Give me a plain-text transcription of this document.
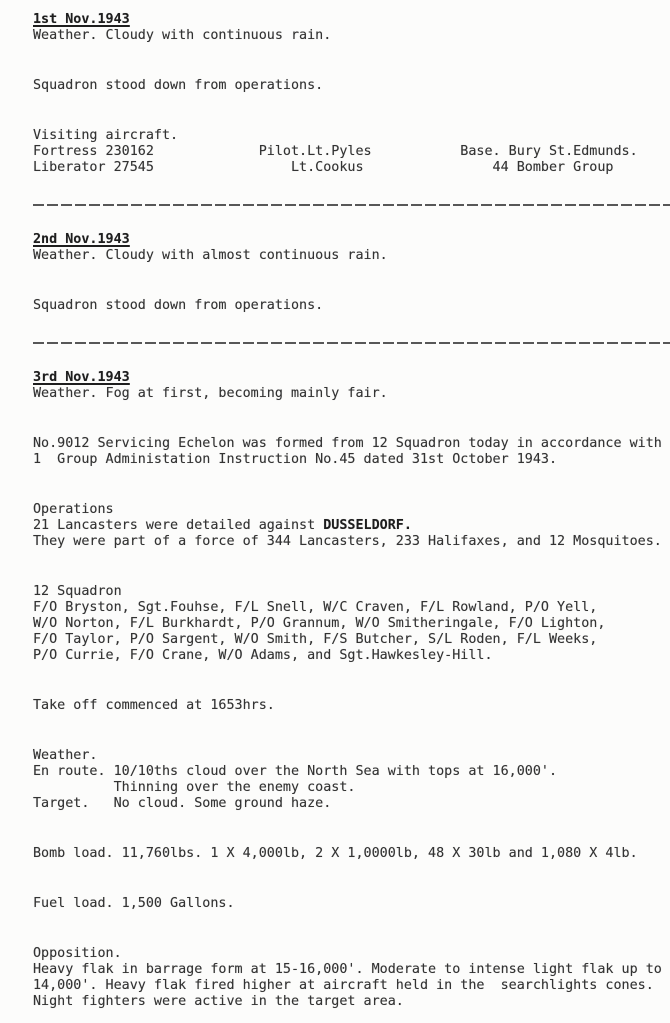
1st Nov.1943
Weather. Cloudy with continuous rain.
Squadron stood down from operations.
Visiting aircraft.
Fortress 230162             Pilot.Lt.Pyles           Base. Bury St.Edmunds.
Liberator 27545                 Lt.Cookus                44 Bomber Group
2nd Nov.1943
Weather. Cloudy with almost continuous rain.
Squadron stood down from operations.
3rd Nov.1943
Weather. Fog at first, becoming mainly fair.
No.9012 Servicing Echelon was formed from 12 Squadron today in accordance with
1  Group Administation Instruction No.45 dated 31st October 1943.
Operations
21 Lancasters were detailed against DUSSELDORF.
They were part of a force of 344 Lancasters, 233 Halifaxes, and 12 Mosquitoes.
12 Squadron
F/O Bryston, Sgt.Fouhse, F/L Snell, W/C Craven, F/L Rowland, P/O Yell,
W/O Norton, F/L Burkhardt, P/O Grannum, W/O Smitheringale, F/O Lighton,
F/O Taylor, P/O Sargent, W/O Smith, F/S Butcher, S/L Roden, F/L Weeks,
P/O Currie, F/O Crane, W/O Adams, and Sgt.Hawkesley-Hill.
Take off commenced at 1653hrs.
Weather.
En route. 10/10ths cloud over the North Sea with tops at 16,000'.
Thinning over the enemy coast.
Target.   No cloud. Some ground haze.
Bomb load. 11,760lbs. 1 X 4,000lb, 2 X 1,0000lb, 48 X 30lb and 1,080 X 4lb.
Fuel load. 1,500 Gallons.
Opposition.
Heavy flak in barrage form at 15-16,000'. Moderate to intense light flak up to
14,000'. Heavy flak fired higher at aircraft held in the  searchlights cones.
Night fighters were active in the target area.
